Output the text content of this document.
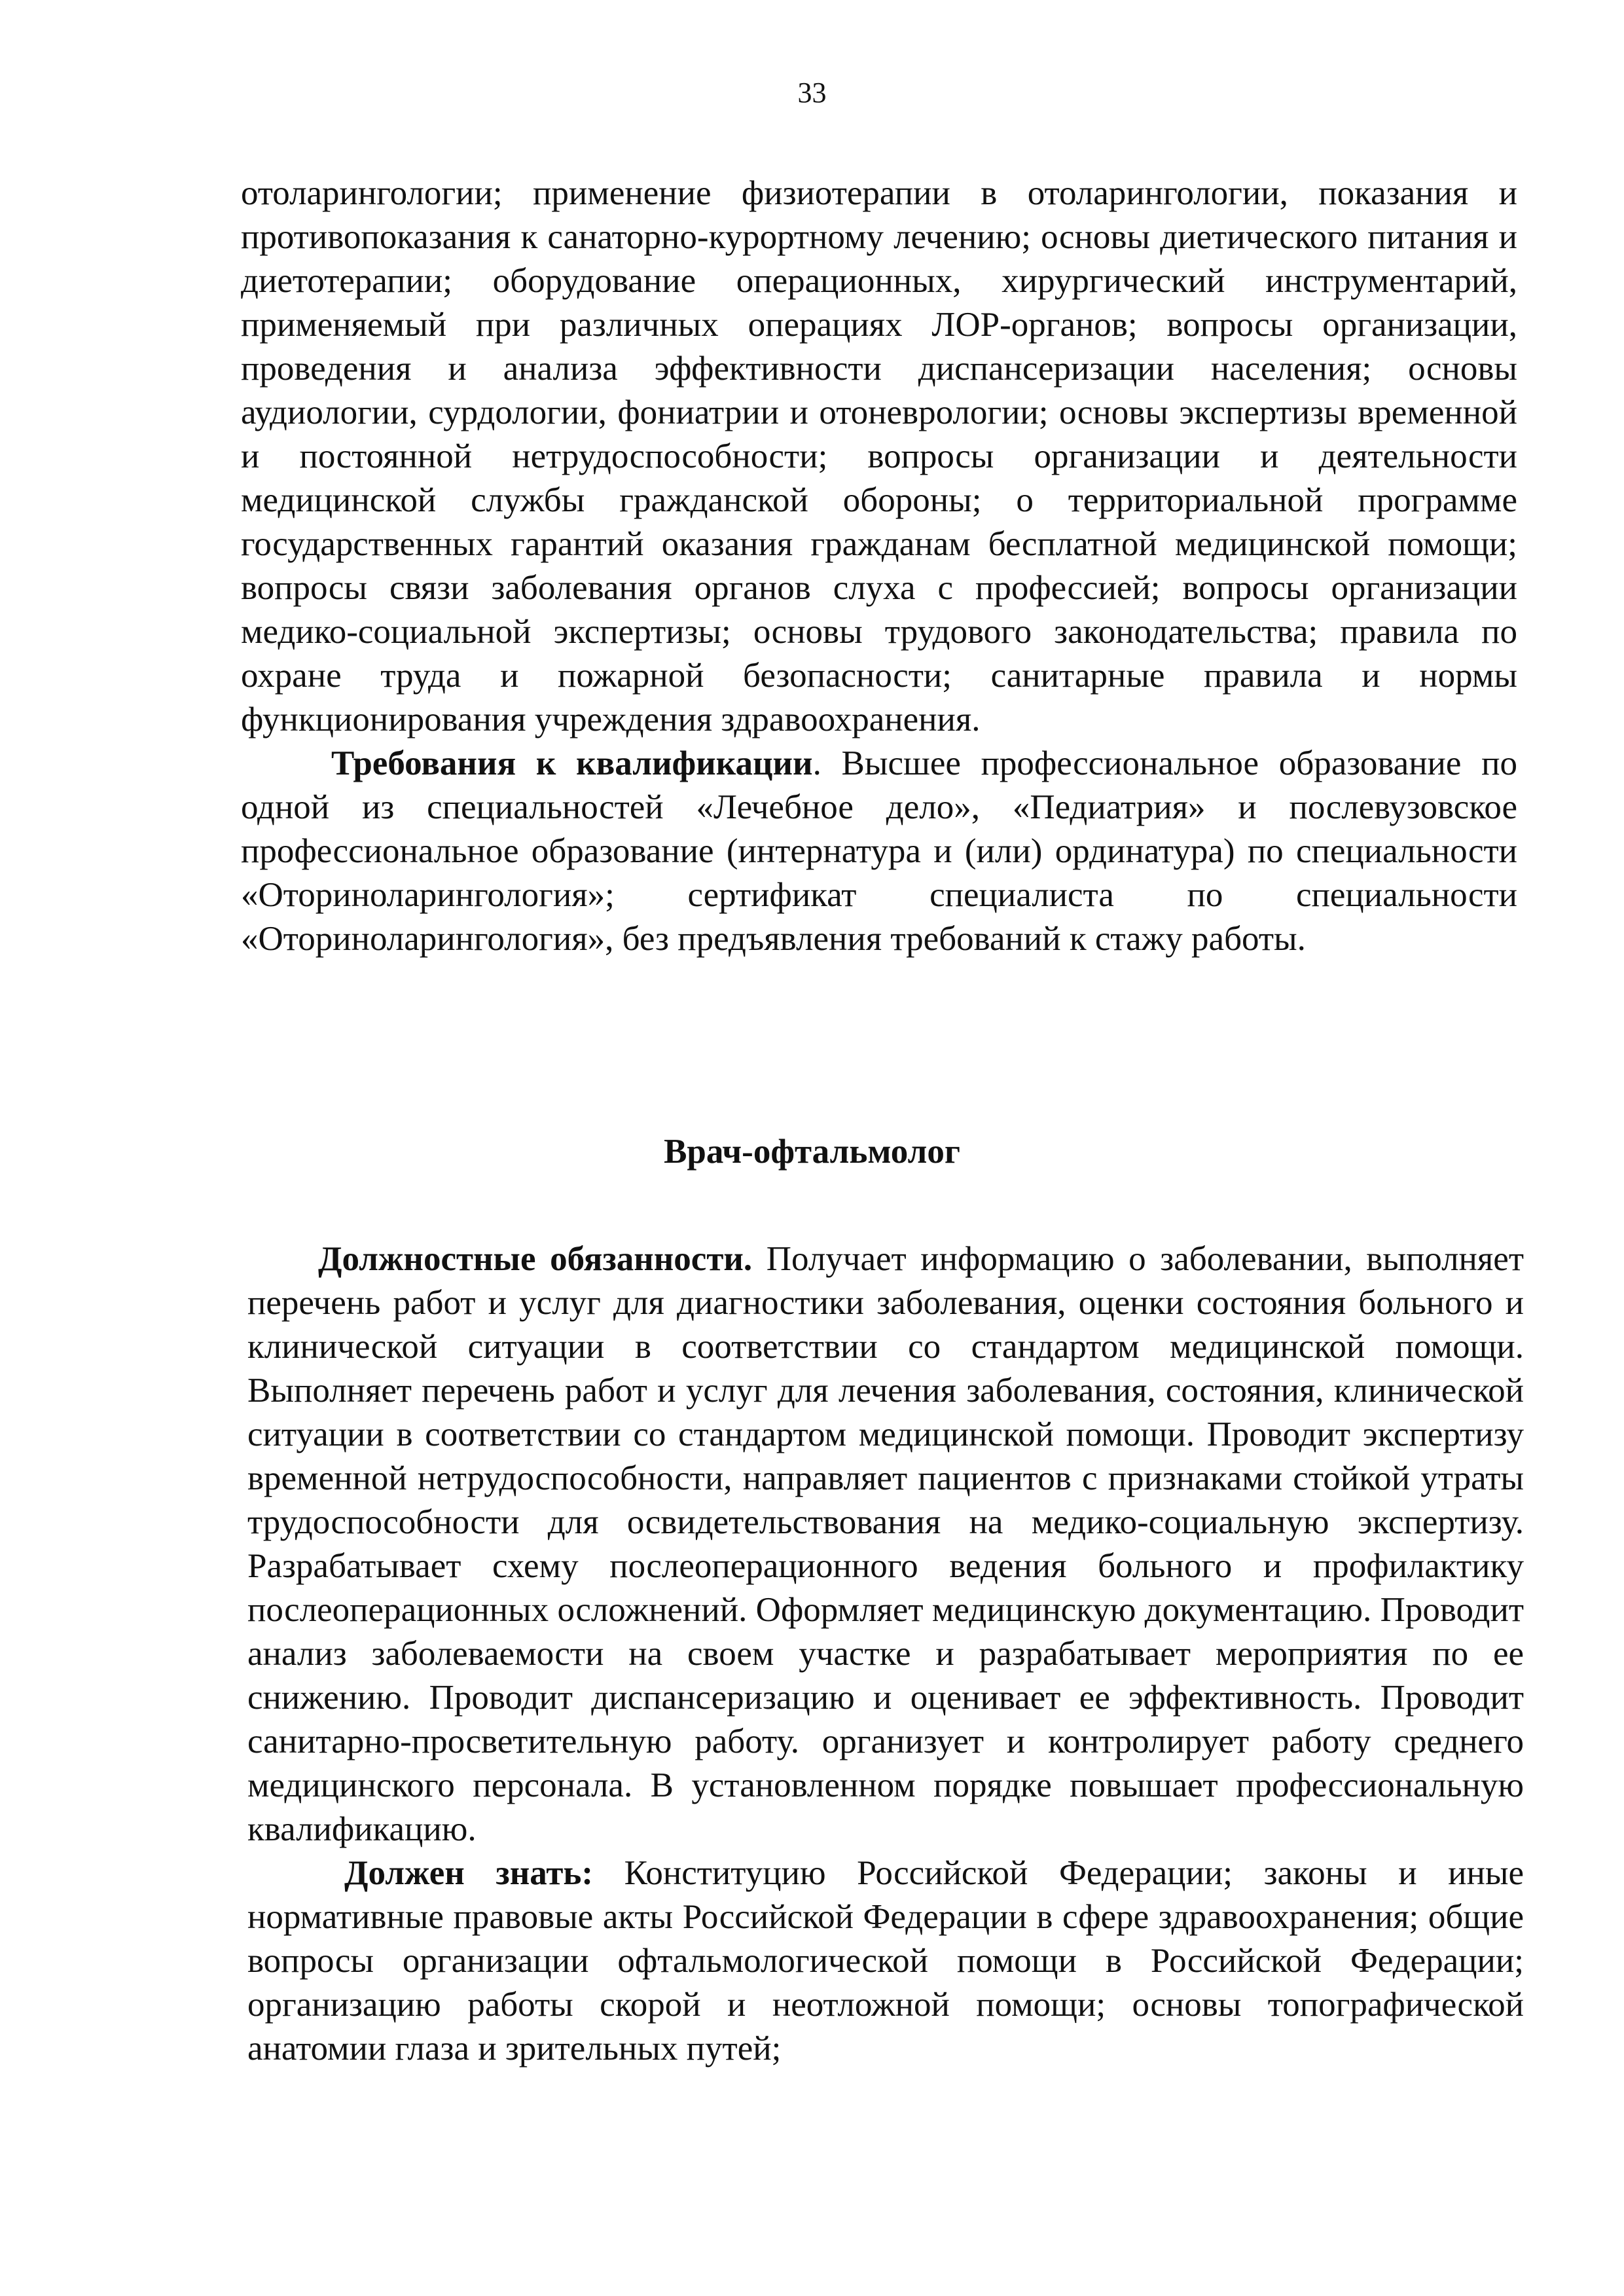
33

отоларингологии; применение физиотерапии в отоларингологии, показания и противопоказания к санаторно-курортному лечению; основы диетического питания и диетотерапии; оборудование операционных, хирургический инструментарий, применяемый при различных операциях ЛОР-органов; вопросы организации, проведения и анализа эффективности диспансеризации населения; основы аудиологии, сурдологии, фониатрии и отоневрологии; основы экспертизы временной и постоянной нетрудоспособности; вопросы организации и деятельности медицинской службы гражданской обороны; о территориальной программе государственных гарантий оказания гражданам бесплатной медицинской помощи; вопросы связи заболевания органов слуха с профессией; вопросы организации медико-социальной экспертизы; основы трудового законодательства; правила по охране труда и пожарной безопасности; санитарные правила и нормы функционирования учреждения здравоохранения.

Требования к квалификации. Высшее профессиональное образование по одной из специальностей «Лечебное дело», «Педиатрия» и послевузовское профессиональное образование (интернатура и (или) ординатура) по специальности «Оториноларингология»; сертификат специалиста по специальности «Оториноларингология», без предъявления требований к стажу работы.

Врач-офтальмолог

Должностные обязанности. Получает информацию о заболевании, выполняет перечень работ и услуг для диагностики заболевания, оценки состояния больного и клинической ситуации в соответствии со стандартом медицинской помощи. Выполняет перечень работ и услуг для лечения заболевания, состояния, клинической ситуации в соответствии со стандартом медицинской помощи. Проводит экспертизу временной нетрудоспособности, направляет пациентов с признаками стойкой утраты трудоспособности для освидетельствования на медико-социальную экспертизу. Разрабатывает схему послеоперационного ведения больного и профилактику послеоперационных осложнений. Оформляет медицинскую документацию. Проводит анализ заболеваемости на своем участке и разрабатывает мероприятия по ее снижению. Проводит диспансеризацию и оценивает ее эффективность. Проводит санитарно-просветительную работу. организует и контролирует работу среднего медицинского персонала. В установленном порядке повышает профессиональную квалификацию.

Должен знать: Конституцию Российской Федерации; законы и иные нормативные правовые акты Российской Федерации в сфере здравоохранения; общие вопросы организации офтальмологической помощи в Российской Федерации; организацию работы скорой и неотложной помощи; основы топографической анатомии глаза и зрительных путей;
